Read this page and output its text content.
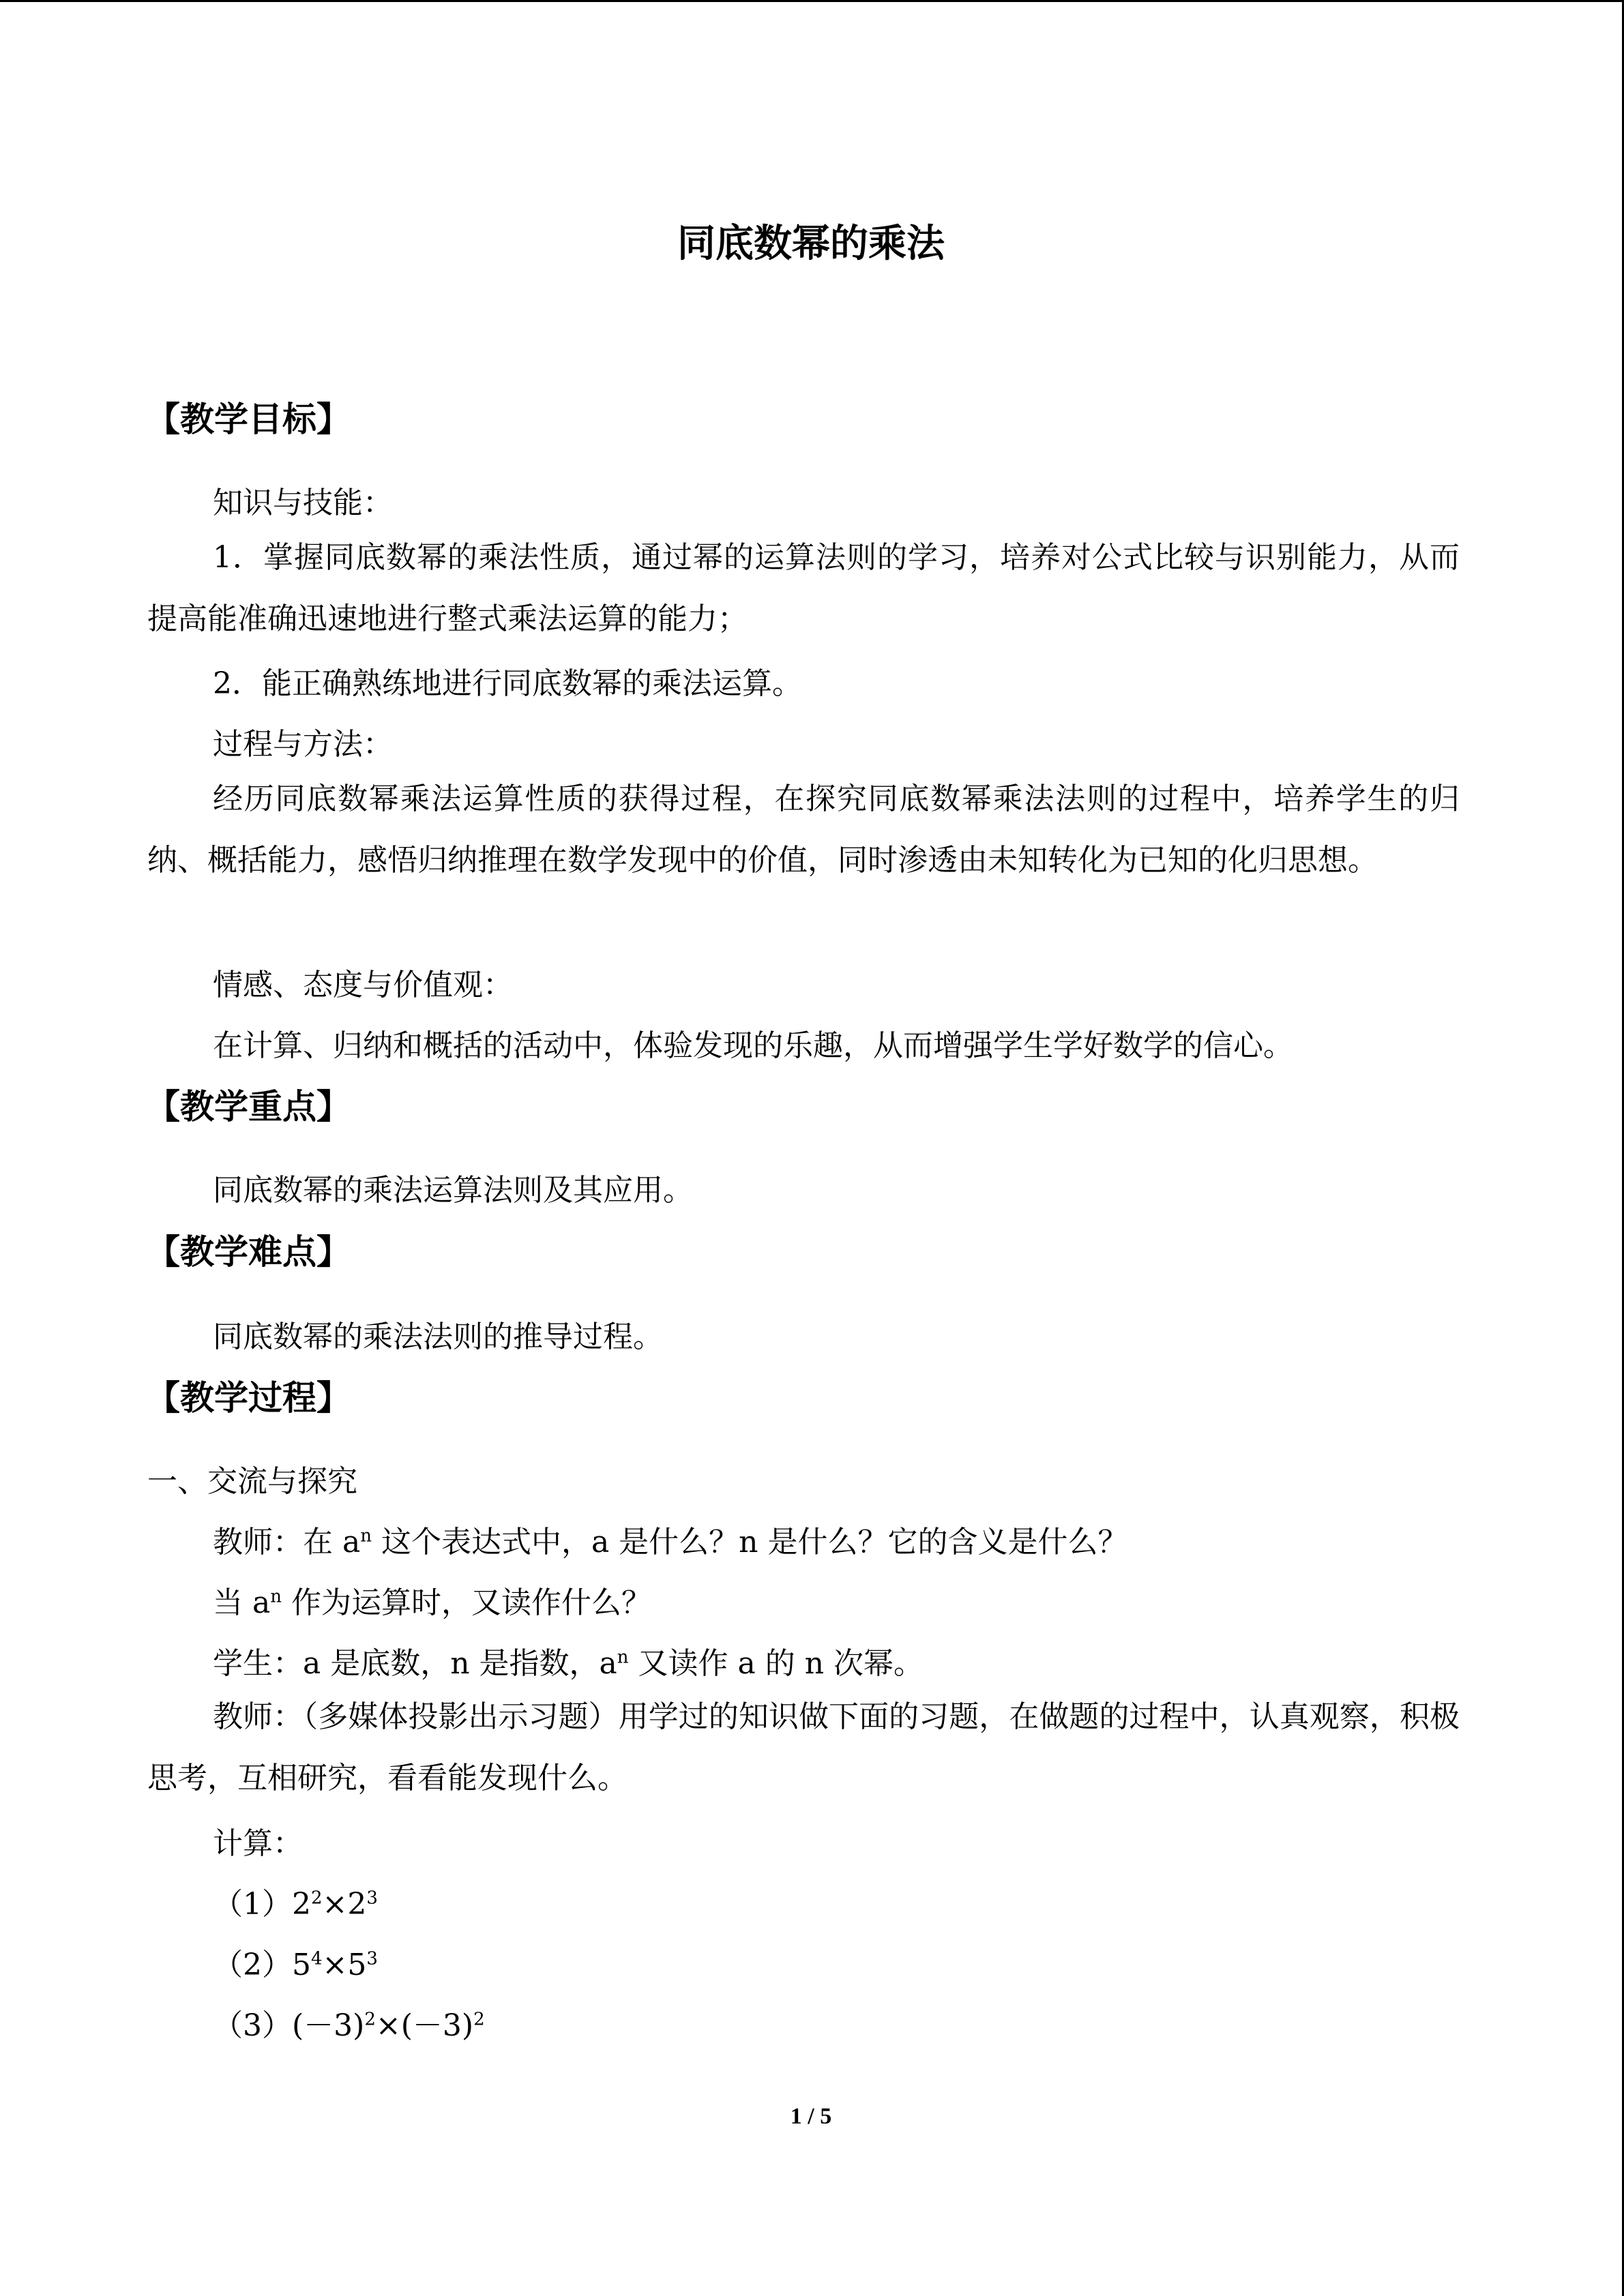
同底数幂的乘法
【教学目标】
知识与技能：

1．掌握同底数幂的乘法性质，通过幂的运算法则的学习，培养对公式比较与识别能力，从而提高能准确迅速地进行整式乘法运算的能力；

2．能正确熟练地进行同底数幂的乘法运算。
过程与方法：

经历同底数幂乘法运算性质的获得过程，在探究同底数幂乘法法则的过程中，培养学生的归纳、概括能力，感悟归纳推理在数学发现中的价值，同时渗透由未知转化为已知的化归思想。

情感、态度与价值观：
在计算、归纳和概括的活动中，体验发现的乐趣，从而增强学生学好数学的信心。
【教学重点】
同底数幂的乘法运算法则及其应用。
【教学难点】
同底数幂的乘法法则的推导过程。
【教学过程】
一、交流与探究
教师：在 $a^n$ 这个表达式中，a 是什么？n 是什么？它的含义是什么？
当 $a^n$ 作为运算时，又读作什么？
学生：a 是底数，n 是指数，$a^n$ 又读作 a 的 n 次幂。

教师：（多媒体投影出示习题）用学过的知识做下面的习题，在做题的过程中，认真观察，积极思考，互相研究，看看能发现什么。

计算：
$(1)2^2\times 2^3$
$(2)5^4\times 5^3$
$(3)(-3)^2\times(-3)^2$
1 / 5
